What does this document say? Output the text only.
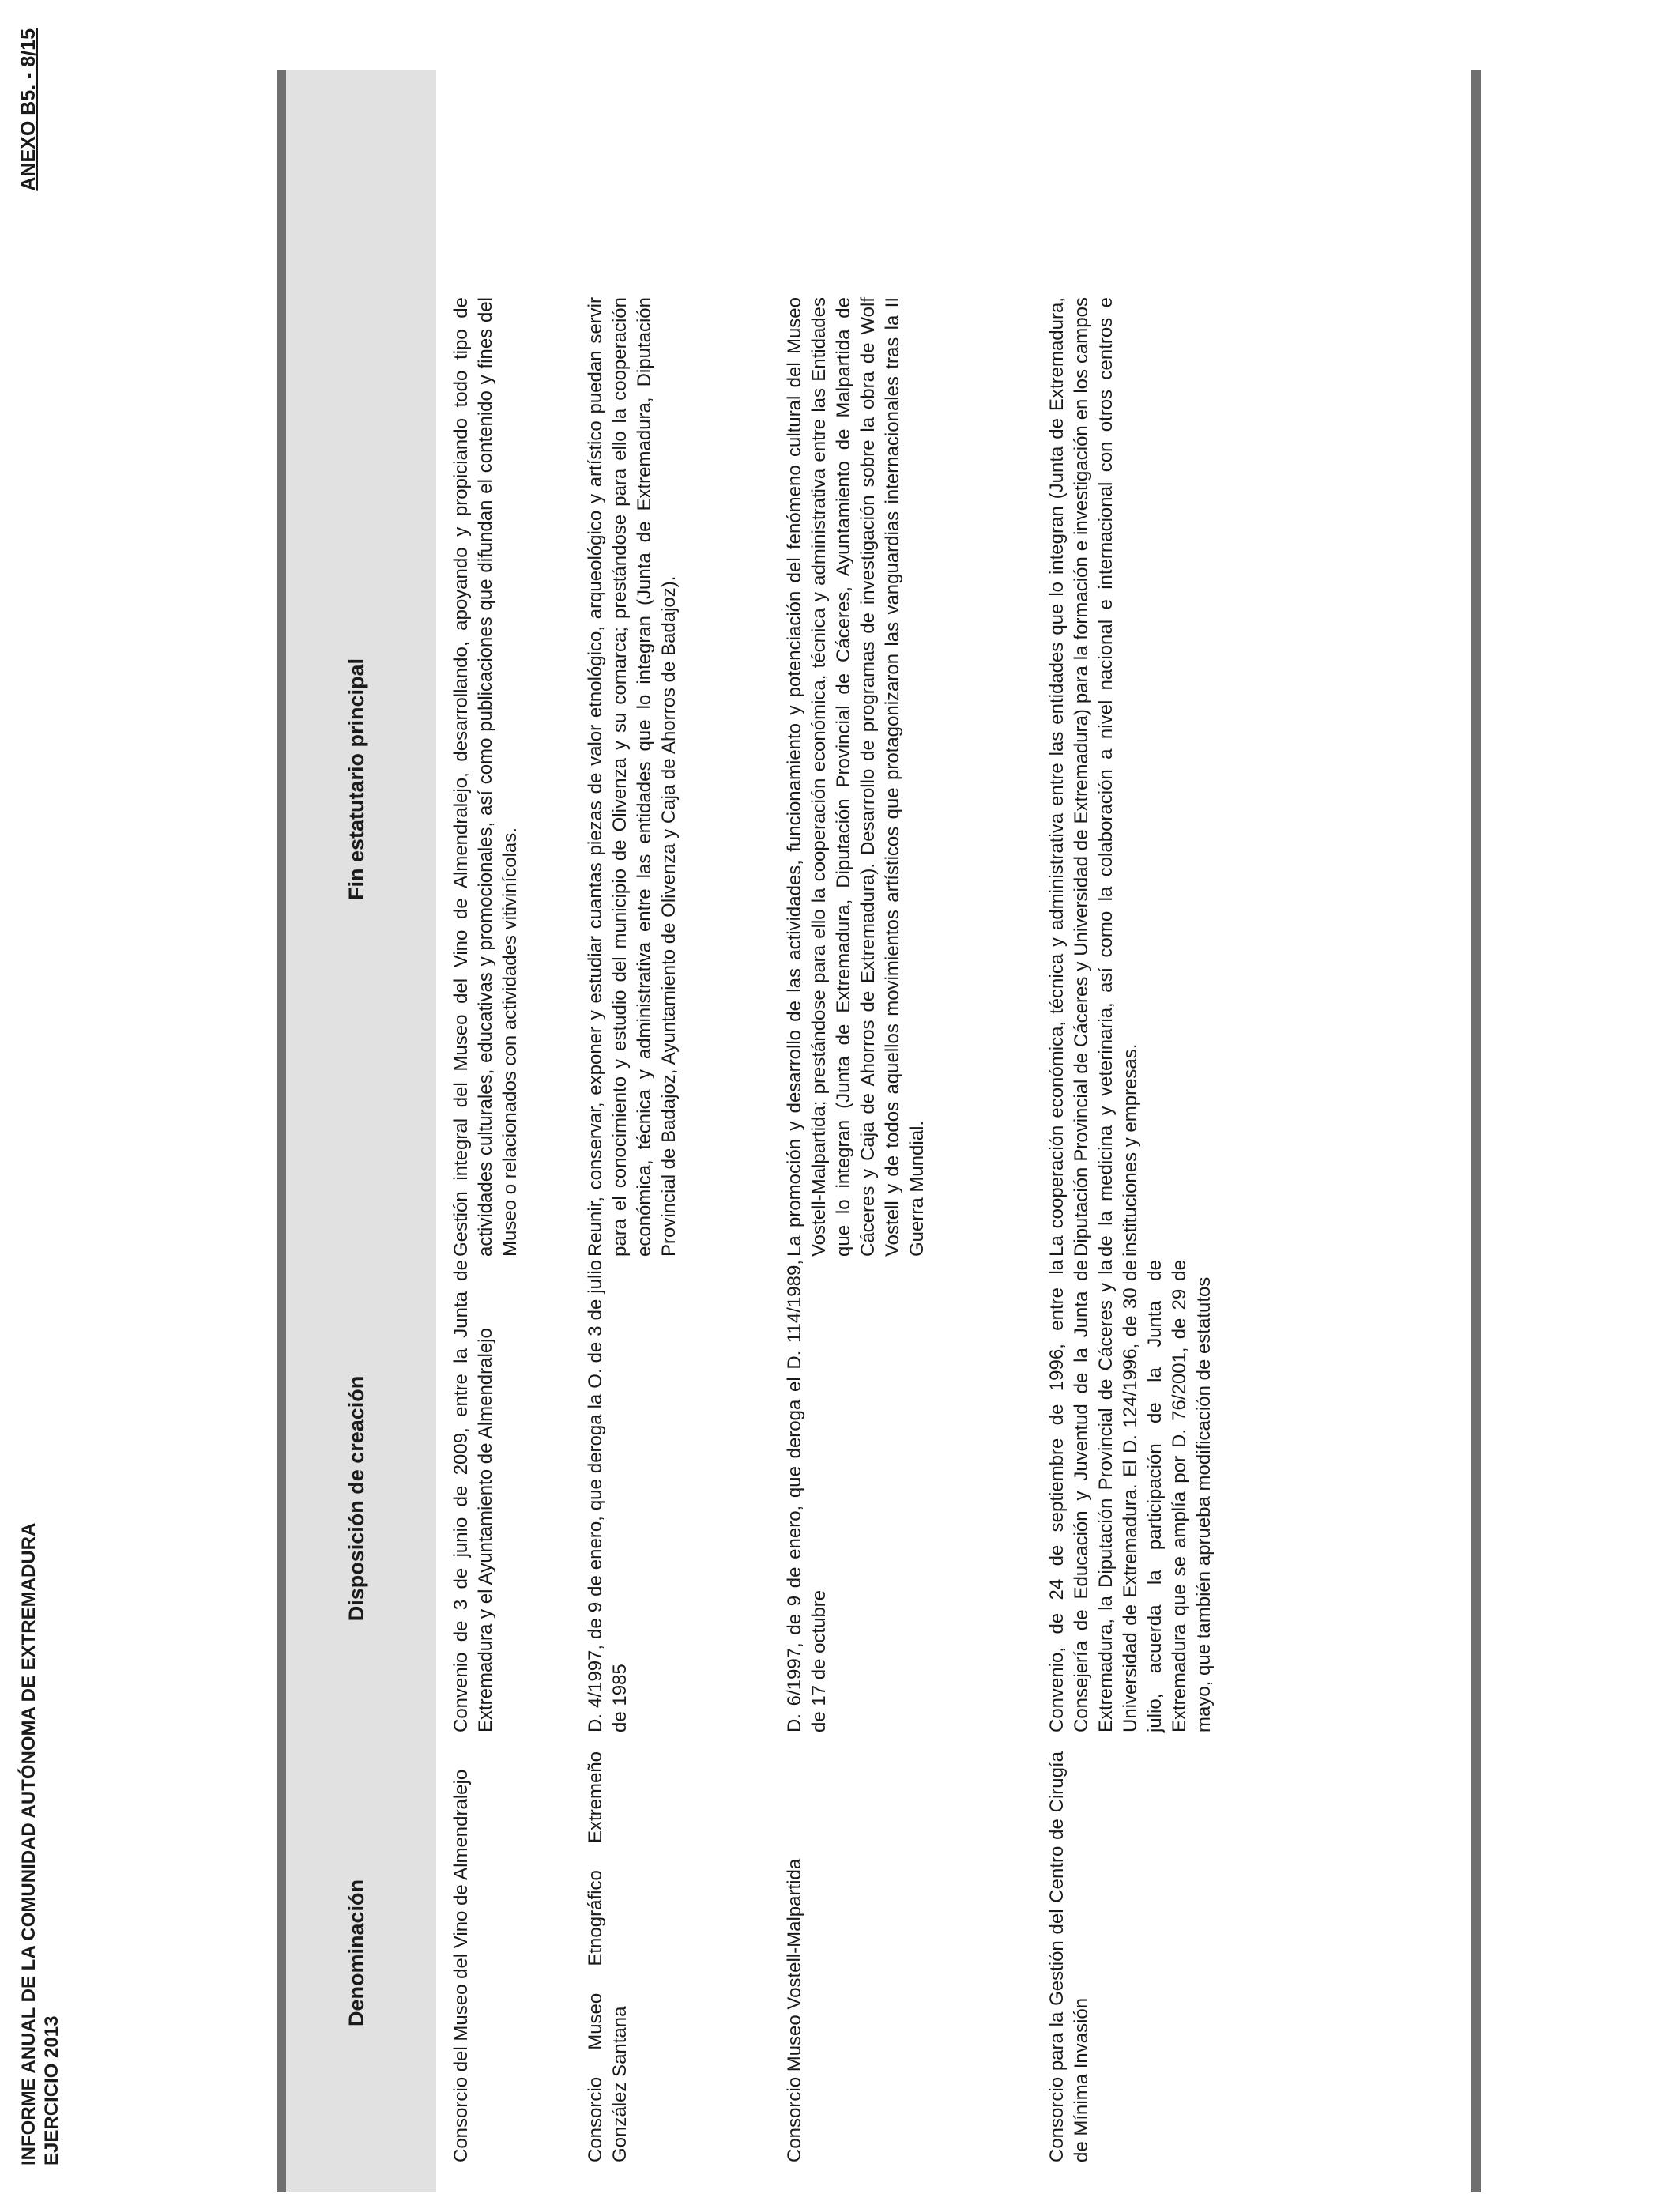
INFORME ANUAL DE LA COMUNIDAD AUTÓNOMA DE EXTREMADURA EJERCICIO 2013
ANEXO B5. - 8/15
Denominación
Disposición de creación
Fin estatutario principal
Consorcio del Museo del Vino de Almendralejo
Convenio de 3 de junio de 2009, entre la Junta de Extremadura y el Ayuntamiento de Almendralejo
Gestión integral del Museo del Vino de Almendralejo, desarrollando, apoyando y propiciando todo tipo de actividades culturales, educativas y promocionales, así como publicaciones que difundan el contenido y fines del Museo o relacionados con actividades vitivinícolas.
Consorcio Museo Etnográfico Extremeño González Santana
D. 4/1997, de 9 de enero, que deroga la O. de 3 de julio de 1985
Reunir, conservar, exponer y estudiar cuantas piezas de valor etnológico, arqueológico y artístico puedan servir para el conocimiento y estudio del municipio de Olivenza y su comarca; prestándose para ello la cooperación económica, técnica y administrativa entre las entidades que lo integran (Junta de Extremadura, Diputación Provincial de Badajoz, Ayuntamiento de Olivenza y Caja de Ahorros de Badajoz).
Consorcio Museo Vostell-Malpartida
D. 6/1997, de 9 de enero, que deroga el D. 114/1989, de 17 de octubre
La promoción y desarrollo de las actividades, funcionamiento y potenciación del fenómeno cultural del Museo Vostell-Malpartida; prestándose para ello la cooperación económica, técnica y administrativa entre las Entidades que lo integran (Junta de Extremadura, Diputación Provincial de Cáceres, Ayuntamiento de Malpartida de Cáceres y Caja de Ahorros de Extremadura). Desarrollo de programas de investigación sobre la obra de Wolf Vostell y de todos aquellos movimientos artísticos que protagonizaron las vanguardias internacionales tras la II Guerra Mundial.
Consorcio para la Gestión del Centro de Cirugía de Mínima Invasión
Convenio, de 24 de septiembre de 1996, entre la Consejería de Educación y Juventud de la Junta de Extremadura, la Diputación Provincial de Cáceres y la Universidad de Extremadura. El D. 124/1996, de 30 de julio, acuerda la participación de la Junta de Extremadura que se amplía por D. 76/2001, de 29 de mayo, que también aprueba modificación de estatutos
La cooperación económica, técnica y administrativa entre las entidades que lo integran (Junta de Extremadura, Diputación Provincial de Cáceres y Universidad de Extremadura) para la formación e investigación en los campos de la medicina y veterinaria, así como la colaboración a nivel nacional e internacional con otros centros e instituciones y empresas.
